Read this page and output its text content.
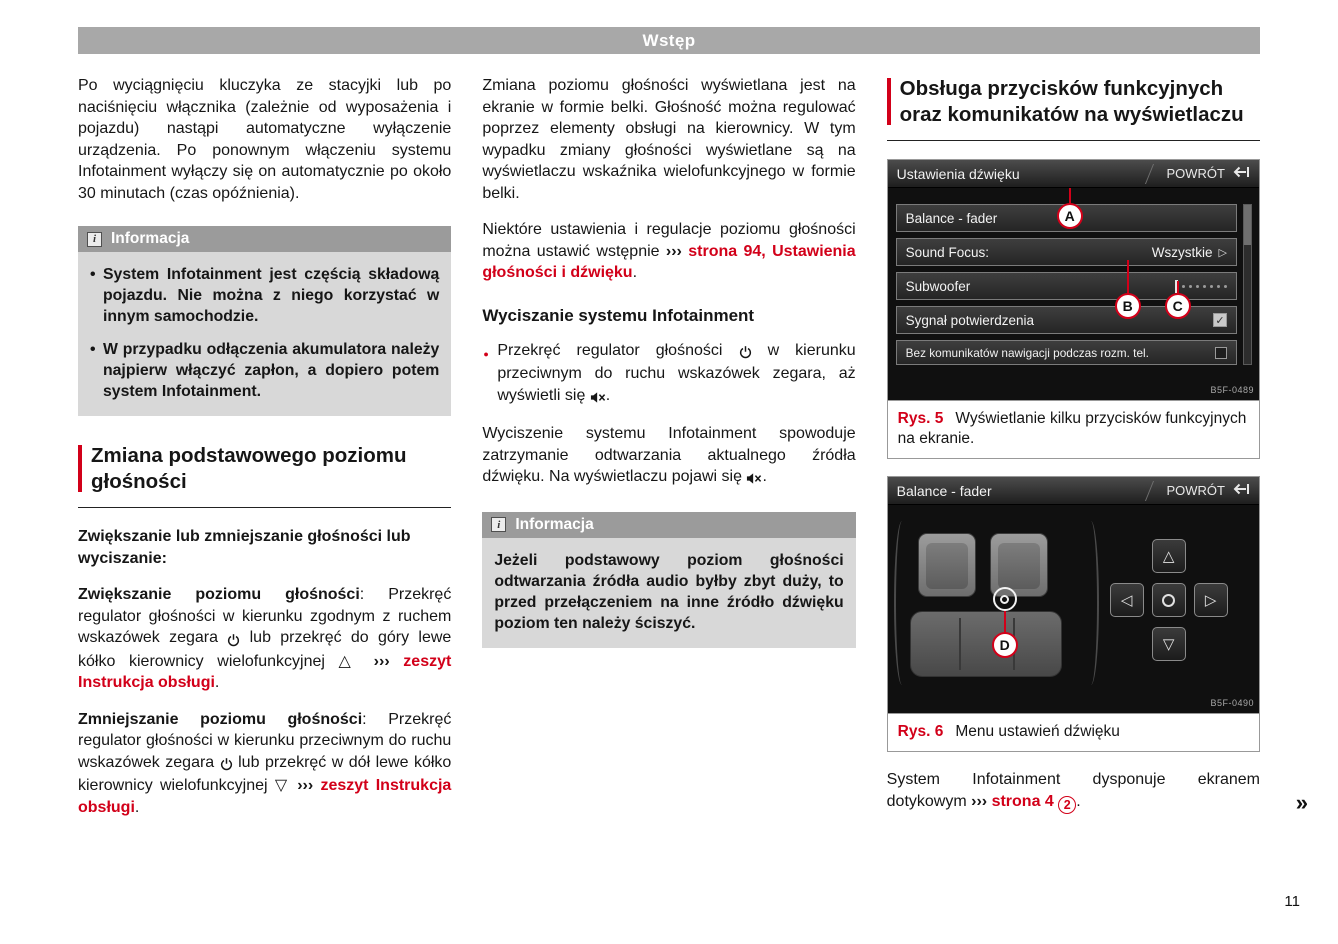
Wstęp

Po wyciągnięciu kluczyka ze stacyjki lub po naciśnięciu włącznika (zależnie od wyposażenia i pojazdu) nastąpi automatyczne wyłączenie urządzenia. Po ponownym włączeniu systemu Infotainment wyłączy się on automatycznie po około 30 minutach (czas opóźnienia).

i Informacja
• System Infotainment jest częścią składową pojazdu. Nie można z niego korzystać w innym samochodzie.
• W przypadku odłączenia akumulatora należy najpierw włączyć zapłon, a dopiero potem system Infotainment.
Zmiana podstawowego poziomu głośności

Zwiększanie lub zmniejszanie głośności lub wyciszanie:

Zwiększanie poziomu głośności: Przekręć regulator głośności w kierunku zgodnym z ruchem wskazówek zegara  lub przekręć do góry lewe kółko kierownicy wielofunkcyjnej △ ››› zeszyt Instrukcja obsługi.

Zmniejszanie poziomu głośności: Przekręć regulator głośności w kierunku przeciwnym do ruchu wskazówek zegara  lub przekręć w dół lewe kółko kierownicy wielofunkcyjnej ▽ ››› zeszyt Instrukcja obsługi.

Zmiana poziomu głośności wyświetlana jest na ekranie w formie belki. Głośność można regulować poprzez elementy obsługi na kierownicy. W tym wypadku zmiany głośności wyświetlane są na wyświetlaczu wskaźnika wielofunkcyjnego w formie belki.

Niektóre ustawienia i regulacje poziomu głośności można ustawić wstępnie ››› strona 94, Ustawienia głośności i dźwięku.

Wyciszanie systemu Infotainment

● Przekręć regulator głośności  w kierunku przeciwnym do ruchu wskazówek zegara, aż wyświetli się .

Wyciszenie systemu Infotainment spowoduje zatrzymanie odtwarzania aktualnego źródła dźwięku. Na wyświetlaczu pojawi się .

i Informacja
Jeżeli podstawowy poziom głośności odtwarzania źródła audio byłby zbyt duży, to przed przełączeniem na inne źródło dźwięku poziom ten należy ściszyć.
Obsługa przycisków funkcyjnych oraz komunikatów na wyświetlaczu
Ustawienia dźwięku	POWRÓT
Balance - fader
Sound Focus:	Wszystkie ▷
Subwoofer
Sygnał potwierdzenia	✓
Bez komunikatów nawigacji podczas rozm. tel.
A
B	C
B5F-0489
Rys. 5 Wyświetlanie kilku przycisków funkcyjnych na ekranie.
Balance - fader	POWRÓT
D
△
◁	▷
▽
B5F-0490
Rys. 6 Menu ustawień dźwięku

System Infotainment dysponuje ekranem dotykowym ››› strona 4 2 .	»
11
